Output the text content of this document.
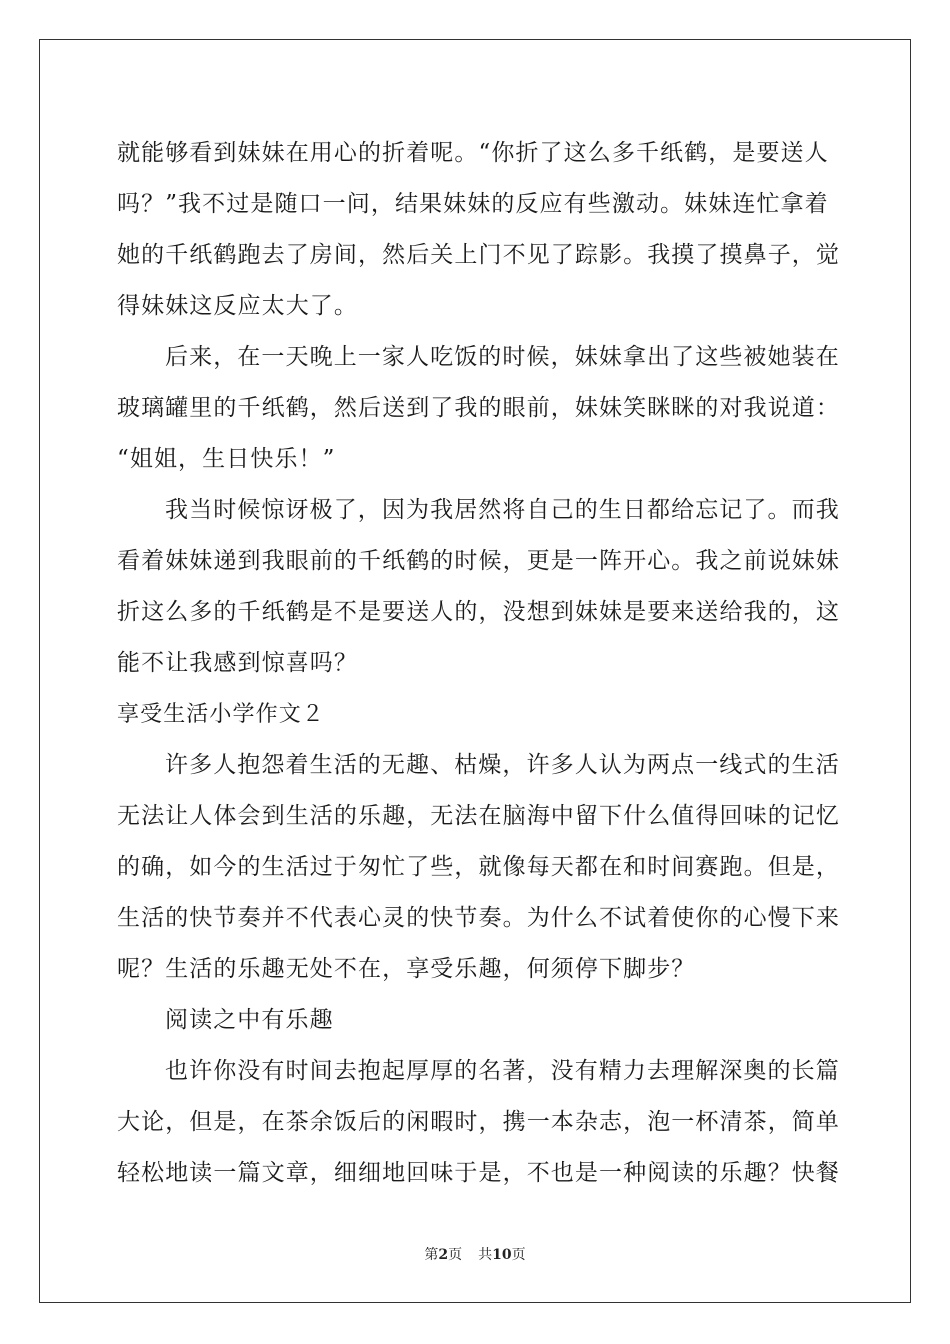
就能够看到妹妹在用心的折着呢。“你折了这么多千纸鹤，是要送人
吗？”我不过是随口一问，结果妹妹的反应有些激动。妹妹连忙拿着
她的千纸鹤跑去了房间，然后关上门不见了踪影。我摸了摸鼻子，觉
得妹妹这反应太大了。
后来，在一天晚上一家人吃饭的时候，妹妹拿出了这些被她装在
玻璃罐里的千纸鹤，然后送到了我的眼前，妹妹笑眯眯的对我说道：
“姐姐，生日快乐！”
我当时候惊讶极了，因为我居然将自己的生日都给忘记了。而我
看着妹妹递到我眼前的千纸鹤的时候，更是一阵开心。我之前说妹妹
折这么多的千纸鹤是不是要送人的，没想到妹妹是要来送给我的，这
能不让我感到惊喜吗？
享受生活小学作文２
许多人抱怨着生活的无趣、枯燥，许多人认为两点一线式的生活
无法让人体会到生活的乐趣，无法在脑海中留下什么值得回味的记忆
的确，如今的生活过于匆忙了些，就像每天都在和时间赛跑。但是，
生活的快节奏并不代表心灵的快节奏。为什么不试着使你的心慢下来
呢？生活的乐趣无处不在，享受乐趣，何须停下脚步？
阅读之中有乐趣
也许你没有时间去抱起厚厚的名著，没有精力去理解深奥的长篇
大论，但是，在茶余饭后的闲暇时，携一本杂志，泡一杯清茶，简单
轻松地读一篇文章，细细地回味于是，不也是一种阅读的乐趣？快餐
第2页 共10页
